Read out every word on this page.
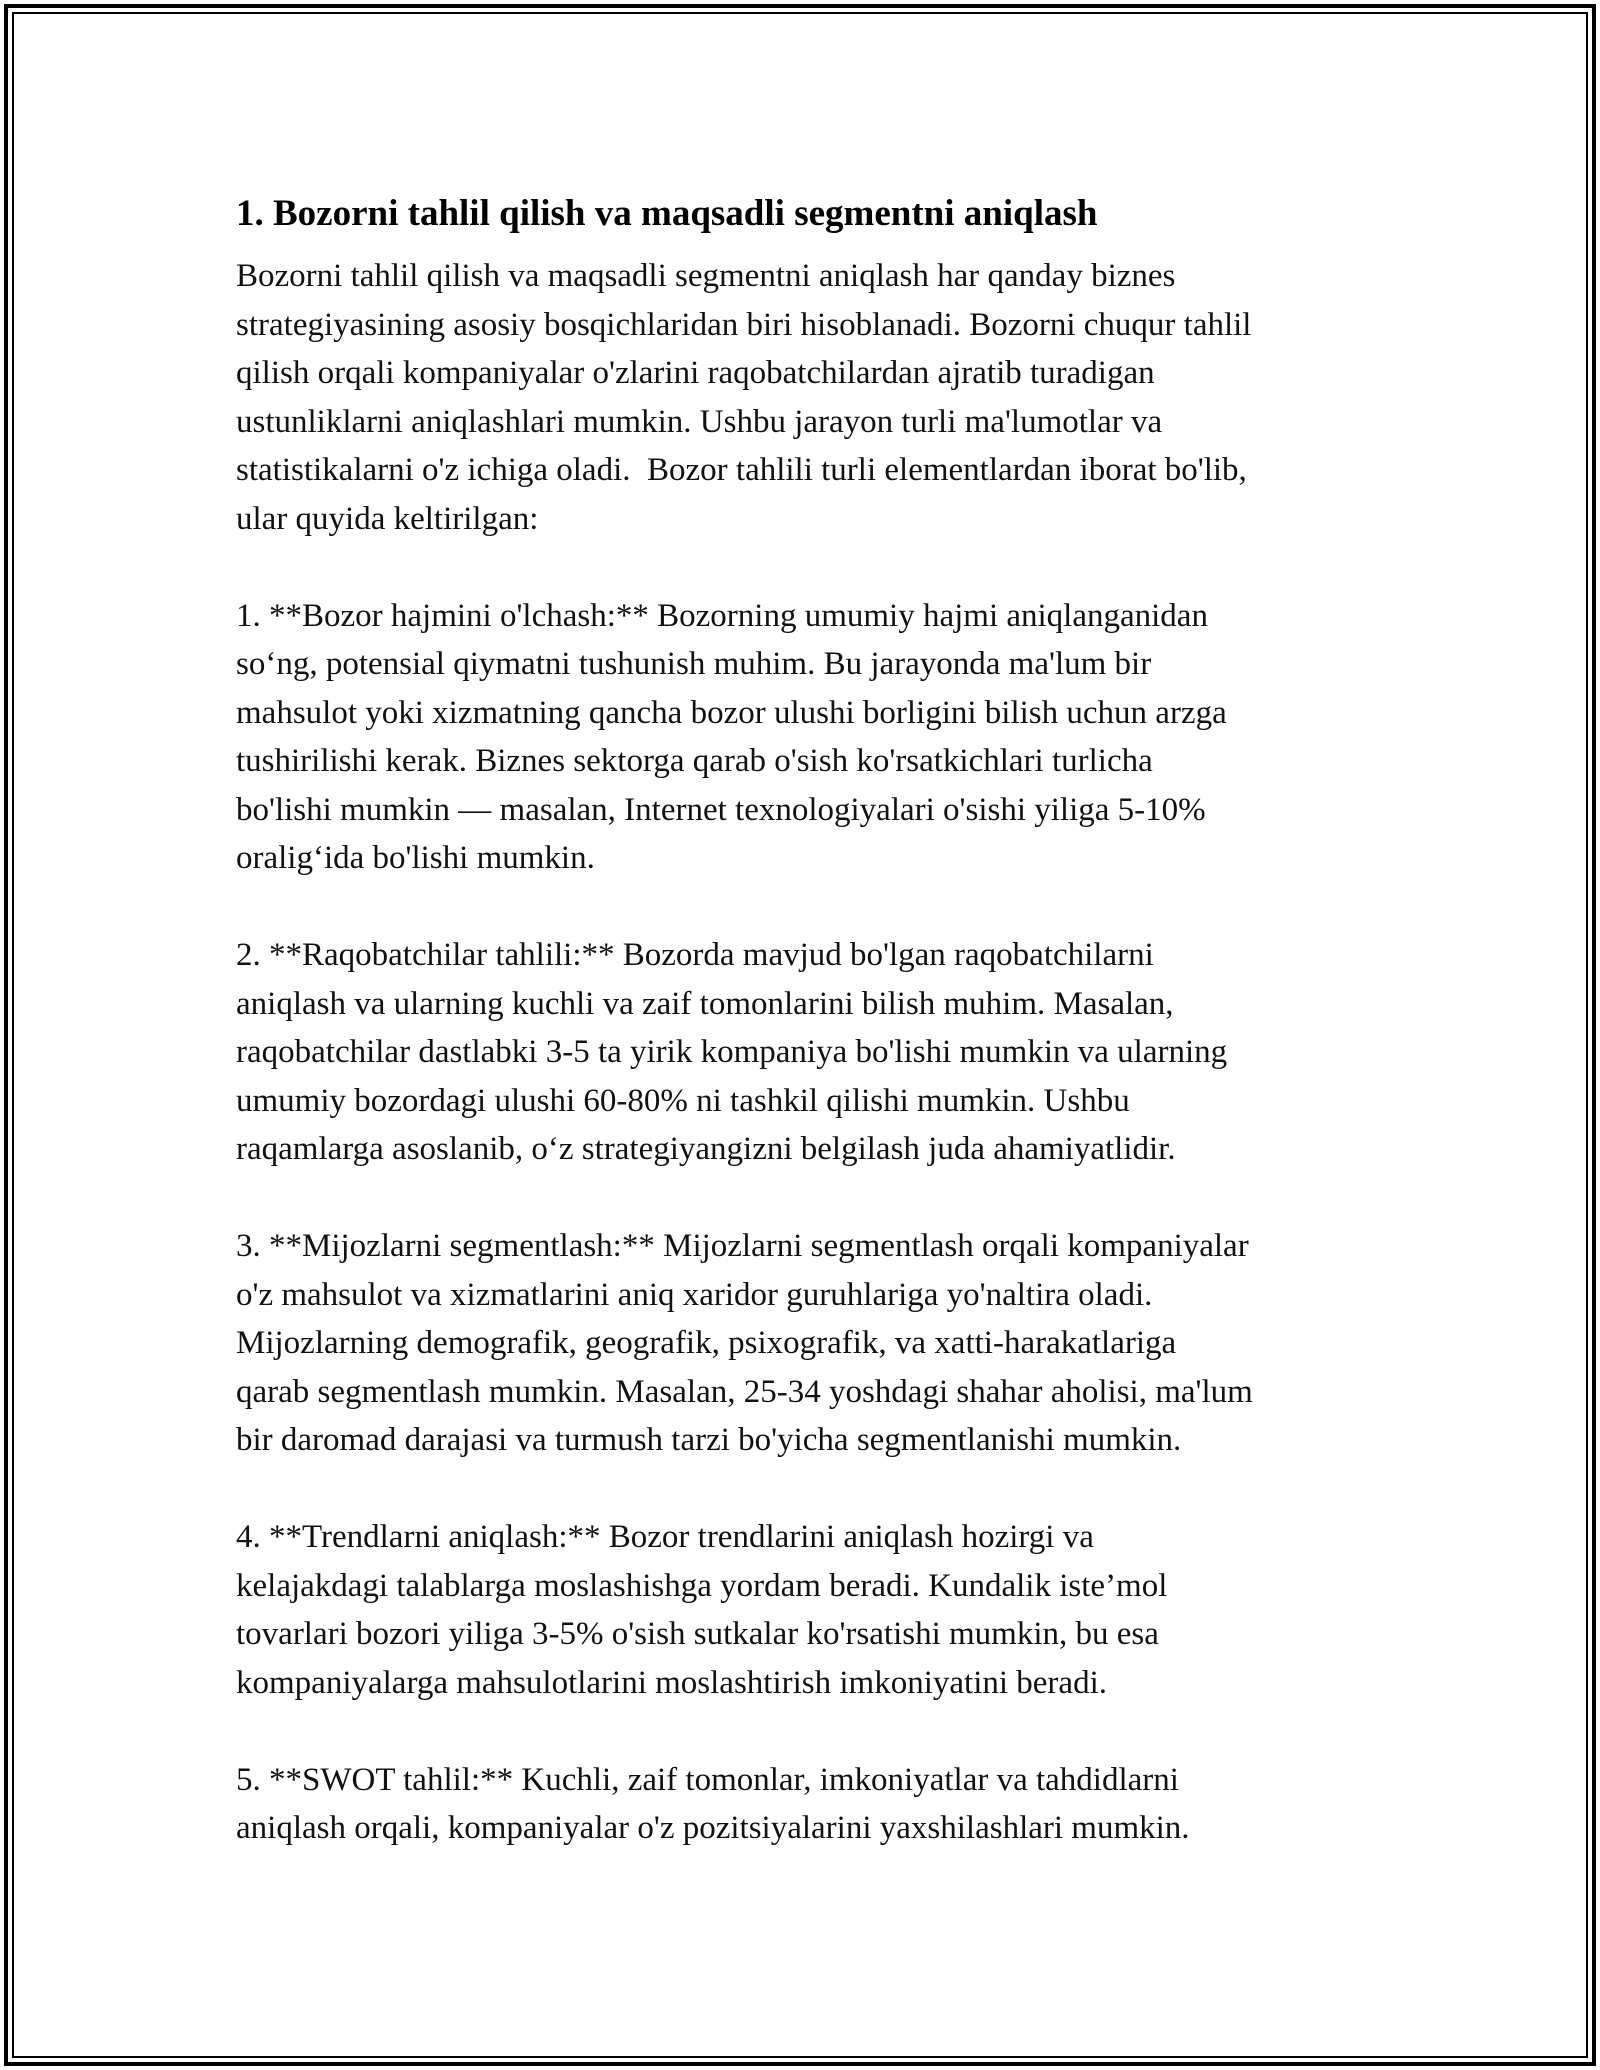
1. Bozorni tahlil qilish va maqsadli segmentni aniqlash

Bozorni tahlil qilish va maqsadli segmentni aniqlash har qanday biznes
strategiyasining asosiy bosqichlaridan biri hisoblanadi. Bozorni chuqur tahlil
qilish orqali kompaniyalar o'zlarini raqobatchilardan ajratib turadigan
ustunliklarni aniqlashlari mumkin. Ushbu jarayon turli ma'lumotlar va
statistikalarni o'z ichiga oladi.  Bozor tahlili turli elementlardan iborat bo'lib,
ular quyida keltirilgan:

1. **Bozor hajmini o'lchash:** Bozorning umumiy hajmi aniqlanganidan
so‘ng, potensial qiymatni tushunish muhim. Bu jarayonda ma'lum bir
mahsulot yoki xizmatning qancha bozor ulushi borligini bilish uchun arzga
tushirilishi kerak. Biznes sektorga qarab o'sish ko'rsatkichlari turlicha
bo'lishi mumkin — masalan, Internet texnologiyalari o'sishi yiliga 5-10%
oralig‘ida bo'lishi mumkin.

2. **Raqobatchilar tahlili:** Bozorda mavjud bo'lgan raqobatchilarni
aniqlash va ularning kuchli va zaif tomonlarini bilish muhim. Masalan,
raqobatchilar dastlabki 3-5 ta yirik kompaniya bo'lishi mumkin va ularning
umumiy bozordagi ulushi 60-80% ni tashkil qilishi mumkin. Ushbu
raqamlarga asoslanib, o‘z strategiyangizni belgilash juda ahamiyatlidir.

3. **Mijozlarni segmentlash:** Mijozlarni segmentlash orqali kompaniyalar
o'z mahsulot va xizmatlarini aniq xaridor guruhlariga yo'naltira oladi.
Mijozlarning demografik, geografik, psixografik, va xatti-harakatlariga
qarab segmentlash mumkin. Masalan, 25-34 yoshdagi shahar aholisi, ma'lum
bir daromad darajasi va turmush tarzi bo'yicha segmentlanishi mumkin.

4. **Trendlarni aniqlash:** Bozor trendlarini aniqlash hozirgi va
kelajakdagi talablarga moslashishga yordam beradi. Kundalik iste’mol
tovarlari bozori yiliga 3-5% o'sish sutkalar ko'rsatishi mumkin, bu esa
kompaniyalarga mahsulotlarini moslashtirish imkoniyatini beradi.

5. **SWOT tahlil:** Kuchli, zaif tomonlar, imkoniyatlar va tahdidlarni
aniqlash orqali, kompaniyalar o'z pozitsiyalarini yaxshilashlari mumkin.
